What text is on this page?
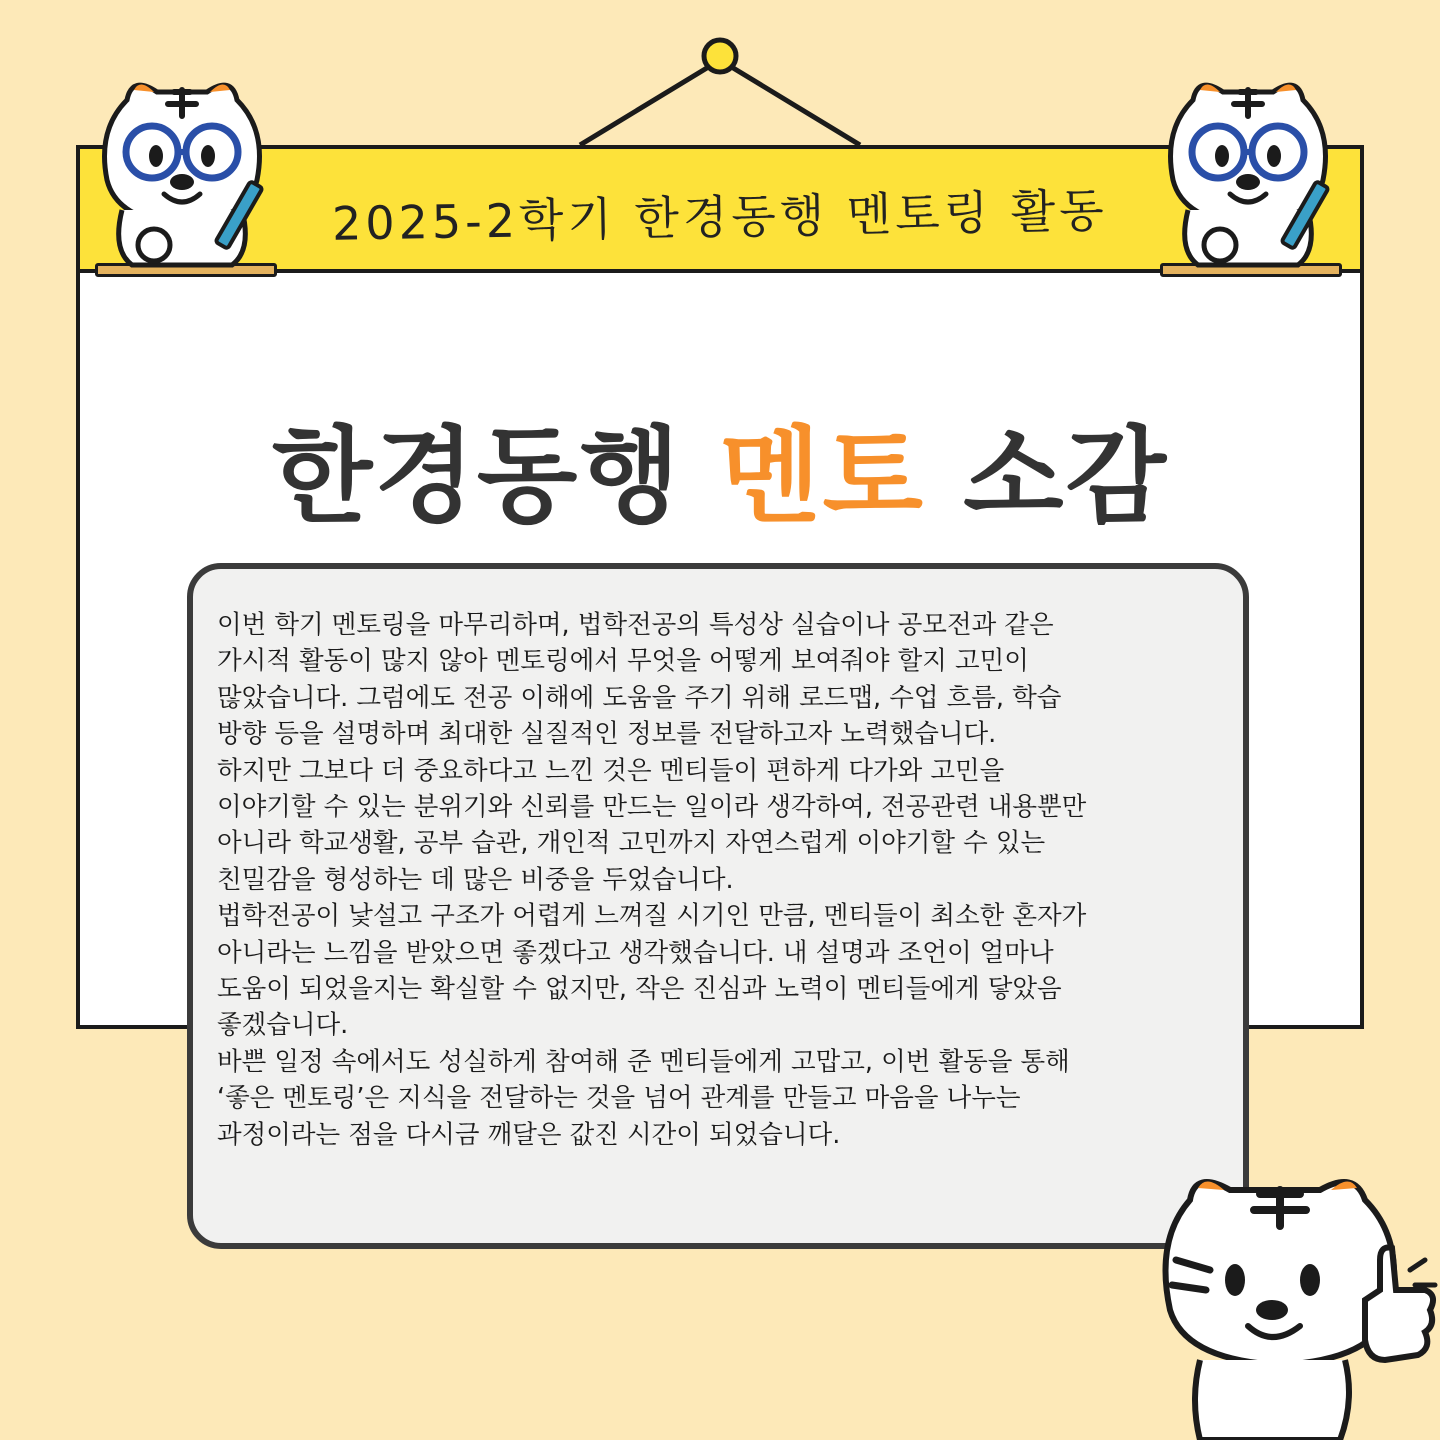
2025-2학기 한경동행 멘토링 활동
한경동행 멘토 소감

이번 학기 멘토링을 마무리하며, 법학전공의 특성상 실습이나 공모전과 같은
가시적 활동이 많지 않아 멘토링에서 무엇을 어떻게 보여줘야 할지 고민이
많았습니다. 그럼에도 전공 이해에 도움을 주기 위해 로드맵, 수업 흐름, 학습
방향 등을 설명하며 최대한 실질적인 정보를 전달하고자 노력했습니다.

하지만 그보다 더 중요하다고 느낀 것은 멘티들이 편하게 다가와 고민을
이야기할 수 있는 분위기와 신뢰를 만드는 일이라 생각하여, 전공관련 내용뿐만
아니라 학교생활, 공부 습관, 개인적 고민까지 자연스럽게 이야기할 수 있는
친밀감을 형성하는 데 많은 비중을 두었습니다.

법학전공이 낯설고 구조가 어렵게 느껴질 시기인 만큼, 멘티들이 최소한 혼자가
아니라는 느낌을 받았으면 좋겠다고 생각했습니다. 내 설명과 조언이 얼마나
도움이 되었을지는 확실할 수 없지만, 작은 진심과 노력이 멘티들에게 닿았음
좋겠습니다.

바쁜 일정 속에서도 성실하게 참여해 준 멘티들에게 고맙고, 이번 활동을 통해
‘좋은 멘토링’은 지식을 전달하는 것을 넘어 관계를 만들고 마음을 나누는
과정이라는 점을 다시금 깨달은 값진 시간이 되었습니다.
